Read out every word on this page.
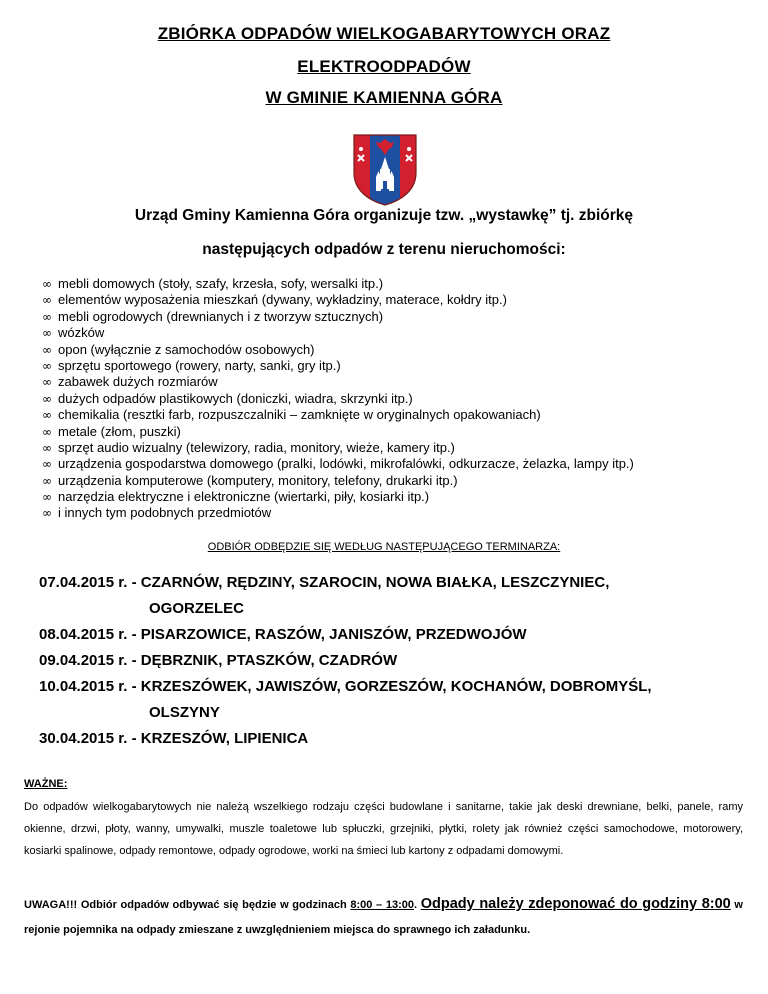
ZBIÓRKA ODPADÓW WIELKOGABARYTOWYCH ORAZ
ELEKTROODPADÓW
W GMINIE KAMIENNA GÓRA
Urząd Gminy Kamienna Góra organizuje tzw. „wystawkę” tj. zbiórkę
następujących odpadów z terenu nieruchomości:
∞ mebli domowych (stoły, szafy, krzesła, sofy, wersalki itp.)
∞ elementów wyposażenia mieszkań (dywany, wykładziny, materace, kołdry itp.)
∞ mebli ogrodowych (drewnianych i z tworzyw sztucznych)
∞ wózków
∞ opon (wyłącznie z samochodów osobowych)
∞ sprzętu sportowego (rowery, narty, sanki, gry itp.)
∞ zabawek dużych rozmiarów
∞ dużych odpadów plastikowych (doniczki, wiadra, skrzynki itp.)
∞ chemikalia (resztki farb, rozpuszczalniki – zamknięte w oryginalnych opakowaniach)
∞ metale (złom, puszki)
∞ sprzęt audio wizualny (telewizory, radia, monitory, wieże, kamery itp.)
∞ urządzenia gospodarstwa domowego (pralki, lodówki, mikrofalówki, odkurzacze, żelazka, lampy itp.)
∞ urządzenia komputerowe (komputery, monitory, telefony, drukarki itp.)
∞ narzędzia elektryczne i elektroniczne (wiertarki, piły, kosiarki itp.)
∞ i innych tym podobnych przedmiotów
ODBIÓR ODBĘDZIE SIĘ WEDŁUG NASTĘPUJĄCEGO TERMINARZA:
07.04.2015 r. - CZARNÓW, RĘDZINY, SZAROCIN, NOWA BIAŁKA, LESZCZYNIEC,
OGORZELEC
08.04.2015 r. - PISARZOWICE, RASZÓW, JANISZÓW, PRZEDWOJÓW
09.04.2015 r. - DĘBRZNIK, PTASZKÓW, CZADRÓW
10.04.2015 r. - KRZESZÓWEK, JAWISZÓW, GORZESZÓW, KOCHANÓW, DOBROMYŚL,
OLSZYNY
30.04.2015 r. - KRZESZÓW, LIPIENICA
WAŻNE:

Do odpadów wielkogabarytowych nie należą wszelkiego rodzaju części budowlane i sanitarne, takie jak deski drewniane, belki, panele, ramy okienne, drzwi, płoty, wanny, umywalki, muszle toaletowe lub spłuczki, grzejniki, płytki, rolety jak również części samochodowe, motorowery, kosiarki spalinowe, odpady remontowe, odpady ogrodowe, worki na śmieci lub kartony z odpadami domowymi.

UWAGA!!! Odbiór odpadów odbywać się będzie w godzinach 8:00 – 13:00. Odpady należy zdeponować do godziny 8:00 w rejonie pojemnika na odpady zmieszane z uwzględnieniem miejsca do sprawnego ich załadunku.
